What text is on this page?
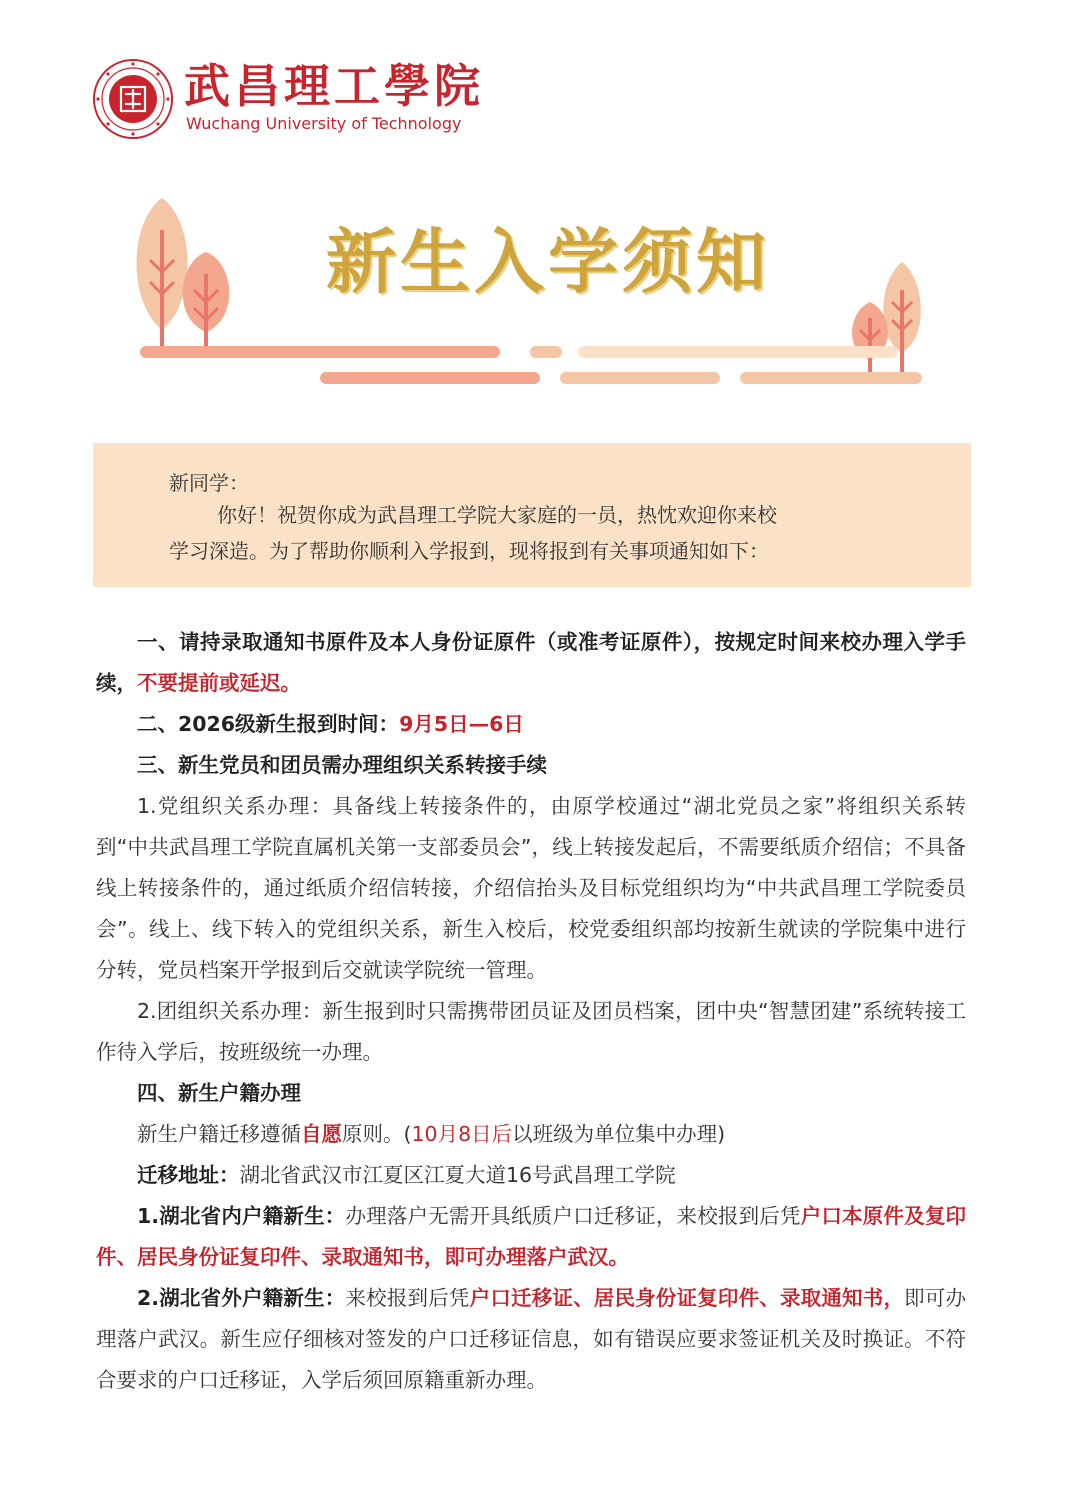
武昌理工學院
Wuchang University of Technology
新生入学须知
新同学：
你好！祝贺你成为武昌理工学院大家庭的一员，热忱欢迎你来校
学习深造。为了帮助你顺利入学报到，现将报到有关事项通知如下：

一、请持录取通知书原件及本人身份证原件（或准考证原件），按规定时间来校办理入学手续，不要提前或延迟。

二、2026级新生报到时间：9月5日—6日

三、新生党员和团员需办理组织关系转接手续

1.党组织关系办理：具备线上转接条件的，由原学校通过“湖北党员之家”将组织关系转到“中共武昌理工学院直属机关第一支部委员会”，线上转接发起后，不需要纸质介绍信；不具备线上转接条件的，通过纸质介绍信转接，介绍信抬头及目标党组织均为“中共武昌理工学院委员会”。线上、线下转入的党组织关系，新生入校后，校党委组织部均按新生就读的学院集中进行分转，党员档案开学报到后交就读学院统一管理。

2.团组织关系办理：新生报到时只需携带团员证及团员档案，团中央“智慧团建”系统转接工作待入学后，按班级统一办理。

四、新生户籍办理

新生户籍迁移遵循自愿原则。(10月8日后以班级为单位集中办理)

迁移地址：湖北省武汉市江夏区江夏大道16号武昌理工学院

1.湖北省内户籍新生：办理落户无需开具纸质户口迁移证，来校报到后凭户口本原件及复印件、居民身份证复印件、录取通知书，即可办理落户武汉。

2.湖北省外户籍新生：来校报到后凭户口迁移证、居民身份证复印件、录取通知书，即可办理落户武汉。新生应仔细核对签发的户口迁移证信息，如有错误应要求签证机关及时换证。不符合要求的户口迁移证，入学后须回原籍重新办理。
